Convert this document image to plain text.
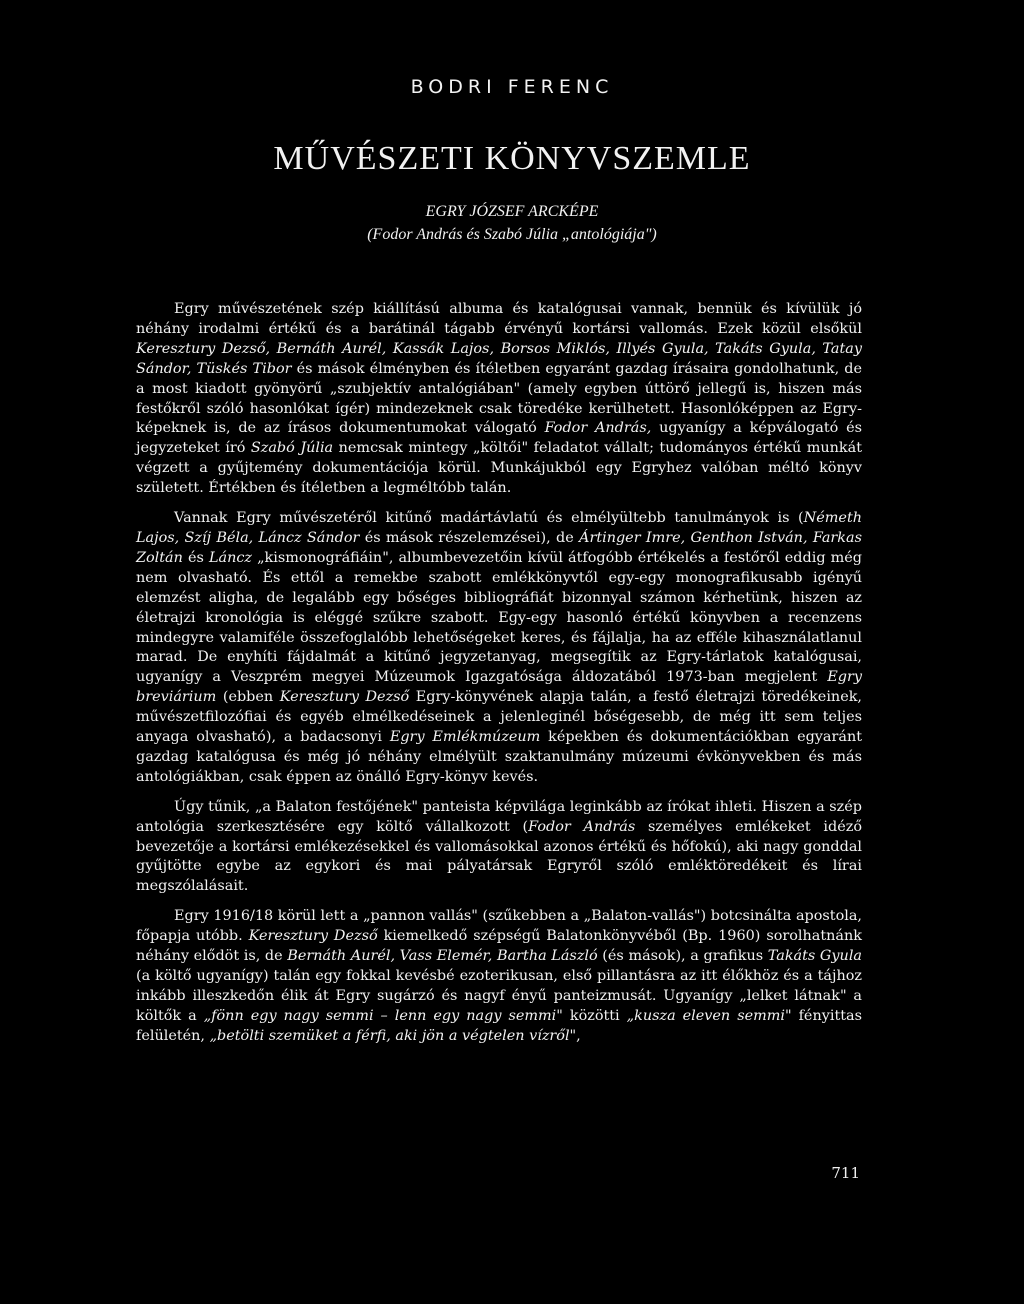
BODRI FERENC
MŰVÉSZETI KÖNYVSZEMLE
EGRY JÓZSEF ARCKÉPE
(Fodor András és Szabó Júlia „antológiája")

Egry művészetének szép kiállítású albuma és katalógusai vannak, bennük és kívülük jó néhány irodalmi értékű és a barátinál tágabb érvényű kortársi vallomás. Ezek közül elsőkül Keresztury Dezső, Bernáth Aurél, Kassák Lajos, Borsos Miklós, Illyés Gyula, Takáts Gyula, Tatay Sándor, Tüskés Tibor és mások élményben és ítéletben egyaránt gazdag írásaira gondolhatunk, de a most kiadott gyönyörű „szubjektív antalógiában" (amely egyben úttörő jellegű is, hiszen más festőkről szóló hasonlókat ígér) mindezeknek csak töredéke kerülhetett. Hasonlóképpen az Egry-képeknek is, de az írásos dokumentumokat válogató Fodor András, ugyanígy a képválogató és jegyzeteket író Szabó Júlia nemcsak mintegy „költői" feladatot vállalt; tudományos értékű munkát végzett a gyűjtemény dokumentációja körül. Munkájukból egy Egryhez valóban méltó könyv született. Értékben és ítéletben a legméltóbb talán.

Vannak Egry művészetéről kitűnő madártávlatú és elmélyültebb tanulmányok is (Németh Lajos, Szíj Béla, Láncz Sándor és mások részelemzései), de Ártinger Imre, Genthon István, Farkas Zoltán és Láncz „kismonográfiáin", albumbevezetőin kívül átfogóbb értékelés a festőről eddig még nem olvasható. És ettől a remekbe szabott emlékkönyvtől egy-egy monografikusabb igényű elemzést aligha, de legalább egy bőséges bibliográfiát bizonnyal számon kérhetünk, hiszen az életrajzi kronológia is eléggé szűkre szabott. Egy-egy hasonló értékű könyvben a recenzens mindegyre valamiféle összefoglalóbb lehetőségeket keres, és fájlalja, ha az efféle kihasználatlanul marad. De enyhíti fájdalmát a kitűnő jegyzetanyag, megsegítik az Egry-tárlatok katalógusai, ugyanígy a Veszprém megyei Múzeumok Igazgatósága áldozatából 1973-ban megjelent Egry breviárium (ebben Keresztury Dezső Egry-könyvének alapja talán, a festő életrajzi töredékeinek, művészetfilozófiai és egyéb elmélkedéseinek a jelenleginél bőségesebb, de még itt sem teljes anyaga olvasható), a badacsonyi Egry Emlékmúzeum képekben és dokumentációkban egyaránt gazdag katalógusa és még jó néhány elmélyült szaktanulmány múzeumi évkönyvekben és más antológiákban, csak éppen az önálló Egry-könyv kevés.

Úgy tűnik, „a Balaton festőjének" panteista képvilága leginkább az írókat ihleti. Hiszen a szép antológia szerkesztésére egy költő vállalkozott (Fodor András személyes emlékeket idéző bevezetője a kortársi emlékezésekkel és vallomásokkal azonos értékű és hőfokú), aki nagy gonddal gyűjtötte egybe az egykori és mai pályatársak Egryről szóló emléktöredékeit és lírai megszólalásait.

Egry 1916/18 körül lett a „pannon vallás" (szűkebben a „Balaton-vallás") botcsinálta apostola, főpapja utóbb. Keresztury Dezső kiemelkedő szépségű Balatonkönyvéből (Bp. 1960) sorolhatnánk néhány elődöt is, de Bernáth Aurél, Vass Elemér, Bartha László (és mások), a grafikus Takáts Gyula (a költő ugyanígy) talán egy fokkal kevésbé ezoterikusan, első pillantásra az itt élőkhöz és a tájhoz inkább illeszkedőn élik át Egry sugárzó és nagyf ényű panteizmusát. Ugyanígy „lelket látnak" a költők a „fönn egy nagy semmi – lenn egy nagy semmi" közötti „kusza eleven semmi" fényittas felületén, „betölti szemüket a férfi, aki jön a végtelen vízről",

711
